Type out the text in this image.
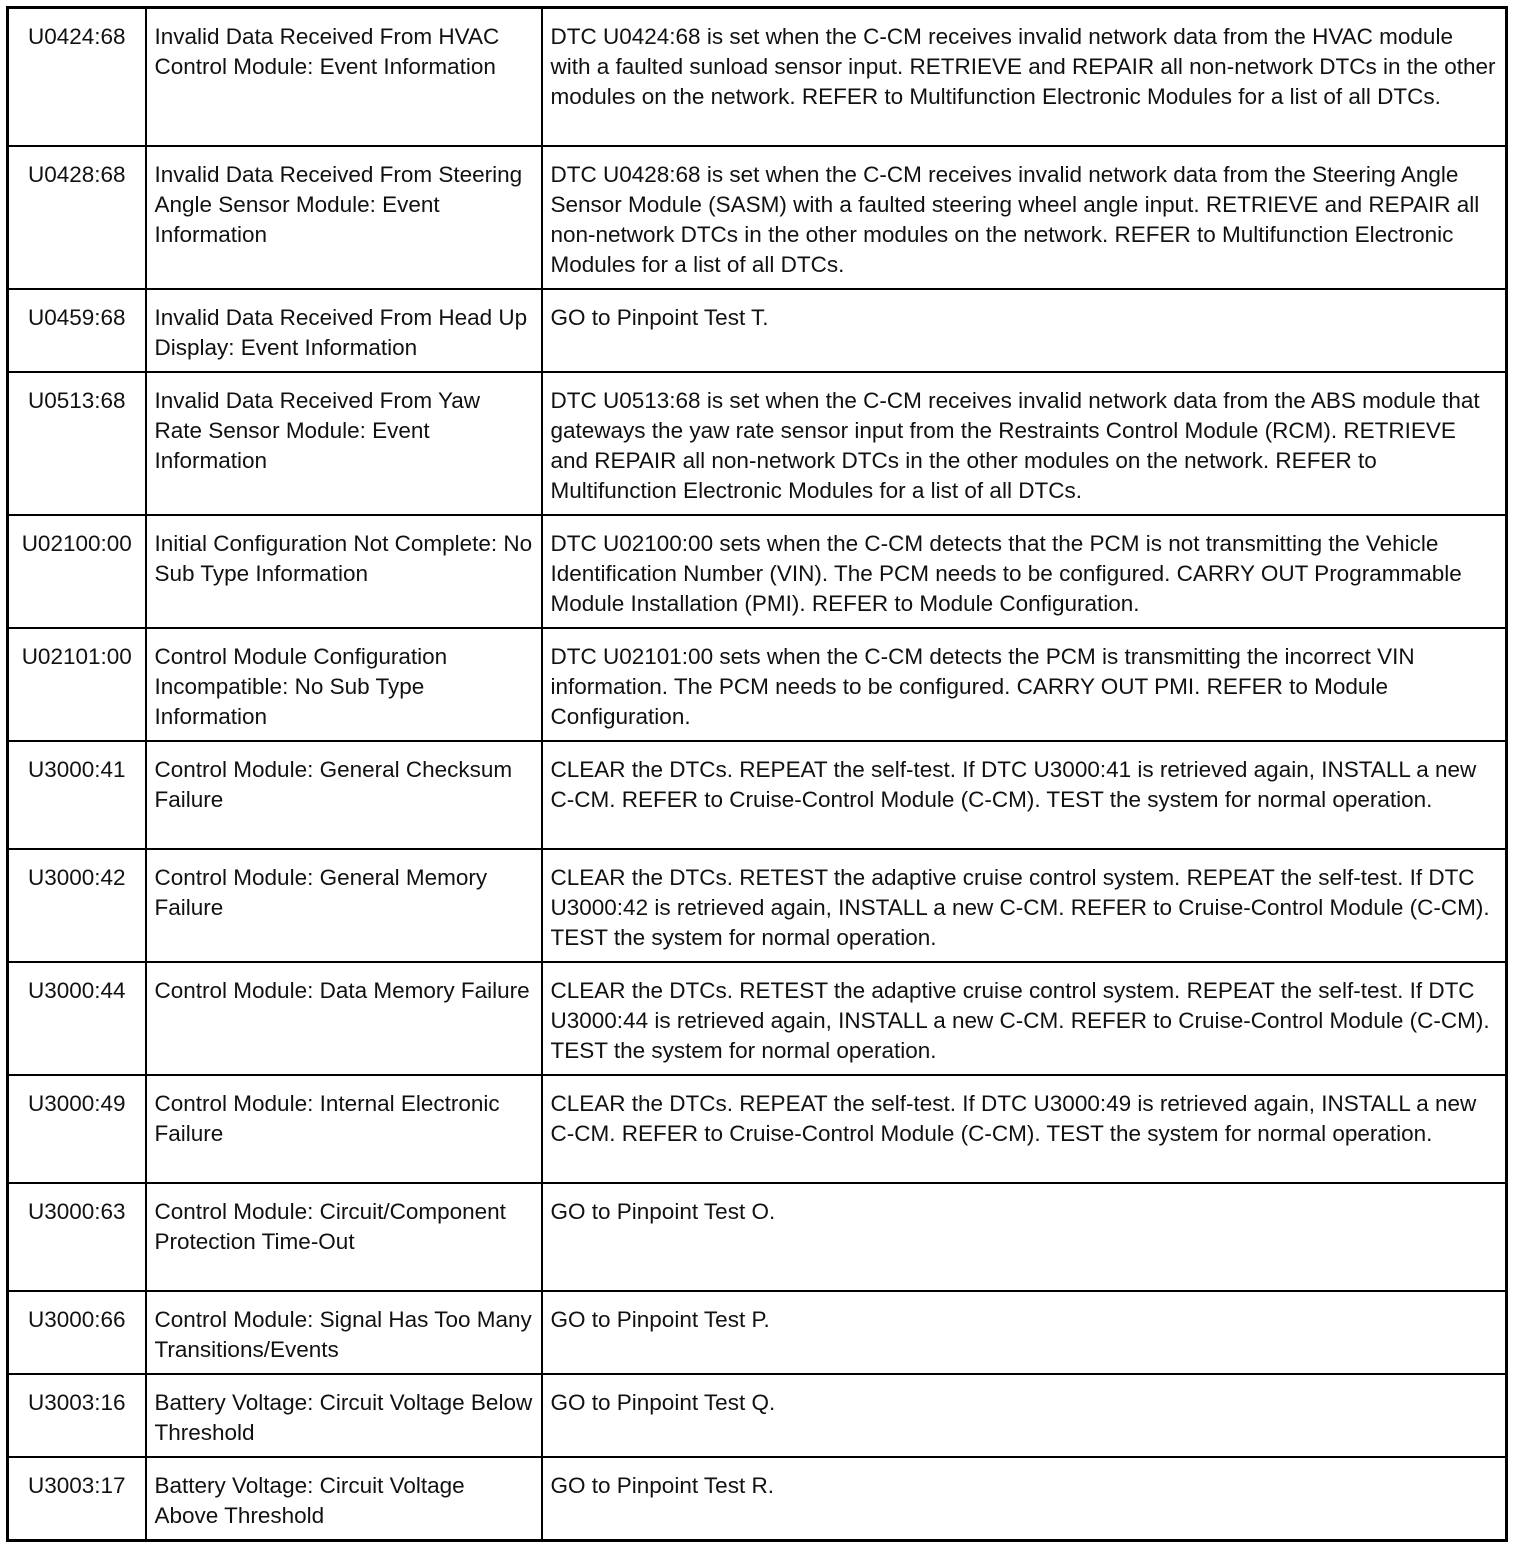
U0424:68	Invalid Data Received From HVAC Control Module: Event Information	DTC U0424:68 is set when the C-CM receives invalid network data from the HVAC module with a faulted sunload sensor input. RETRIEVE and REPAIR all non-network DTCs in the other modules on the network. REFER to Multifunction Electronic Modules for a list of all DTCs.
U0428:68	Invalid Data Received From Steering Angle Sensor Module: Event Information	DTC U0428:68 is set when the C-CM receives invalid network data from the Steering Angle Sensor Module (SASM) with a faulted steering wheel angle input. RETRIEVE and REPAIR all non-network DTCs in the other modules on the network. REFER to Multifunction Electronic Modules for a list of all DTCs.
U0459:68	Invalid Data Received From Head Up Display: Event Information	GO to Pinpoint Test T.
U0513:68	Invalid Data Received From Yaw Rate Sensor Module: Event Information	DTC U0513:68 is set when the C-CM receives invalid network data from the ABS module that gateways the yaw rate sensor input from the Restraints Control Module (RCM). RETRIEVE and REPAIR all non-network DTCs in the other modules on the network. REFER to Multifunction Electronic Modules for a list of all DTCs.
U02100:00	Initial Configuration Not Complete: No Sub Type Information	DTC U02100:00 sets when the C-CM detects that the PCM is not transmitting the Vehicle Identification Number (VIN). The PCM needs to be configured. CARRY OUT Programmable Module Installation (PMI). REFER to Module Configuration.
U02101:00	Control Module Configuration Incompatible: No Sub Type Information	DTC U02101:00 sets when the C-CM detects the PCM is transmitting the incorrect VIN information. The PCM needs to be configured. CARRY OUT PMI. REFER to Module Configuration.
U3000:41	Control Module: General Checksum Failure	CLEAR the DTCs. REPEAT the self-test. If DTC U3000:41 is retrieved again, INSTALL a new C-CM. REFER to Cruise-Control Module (C-CM). TEST the system for normal operation.
U3000:42	Control Module: General Memory Failure	CLEAR the DTCs. RETEST the adaptive cruise control system. REPEAT the self-test. If DTC U3000:42 is retrieved again, INSTALL a new C-CM. REFER to Cruise-Control Module (C-CM). TEST the system for normal operation.
U3000:44	Control Module: Data Memory Failure	CLEAR the DTCs. RETEST the adaptive cruise control system. REPEAT the self-test. If DTC U3000:44 is retrieved again, INSTALL a new C-CM. REFER to Cruise-Control Module (C-CM). TEST the system for normal operation.
U3000:49	Control Module: Internal Electronic Failure	CLEAR the DTCs. REPEAT the self-test. If DTC U3000:49 is retrieved again, INSTALL a new C-CM. REFER to Cruise-Control Module (C-CM). TEST the system for normal operation.
U3000:63	Control Module: Circuit/Component Protection Time-Out	GO to Pinpoint Test O.
U3000:66	Control Module: Signal Has Too Many Transitions/Events	GO to Pinpoint Test P.
U3003:16	Battery Voltage: Circuit Voltage Below Threshold	GO to Pinpoint Test Q.
U3003:17	Battery Voltage: Circuit Voltage Above Threshold	GO to Pinpoint Test R.
